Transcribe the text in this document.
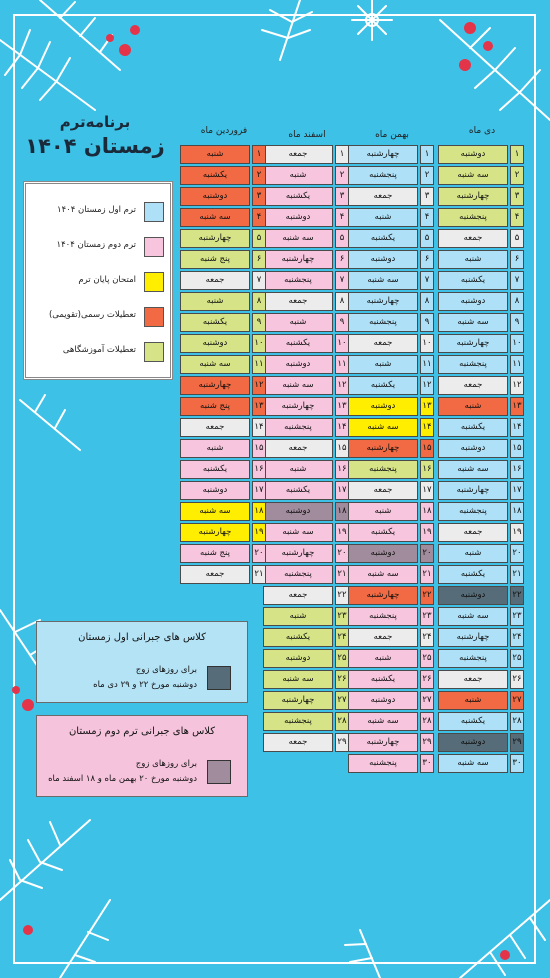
برنامه‌ترم
زمستان ۱۴۰۴
ترم اول زمستان ۱۴۰۴
ترم دوم زمستان ۱۴۰۴
امتحان پایان ترم
تعطیلات رسمی(تقویمی)
تعطیلات آموزشگاهی
دی ماه
۱
دوشنبه
۲
سه شنبه
۳
چهارشنبه
۴
پنجشنبه
۵
جمعه
۶
شنبه
۷
یکشنبه
۸
دوشنبه
۹
سه شنبه
۱۰
چهارشنبه
۱۱
پنجشنبه
۱۲
جمعه
۱۳
شنبه
۱۴
یکشنبه
۱۵
دوشنبه
۱۶
سه شنبه
۱۷
چهارشنبه
۱۸
پنجشنبه
۱۹
جمعه
۲۰
شنبه
۲۱
یکشنبه
۲۲
دوشنبه
۲۳
سه شنبه
۲۴
چهارشنبه
۲۵
پنجشنبه
۲۶
جمعه
۲۷
شنبه
۲۸
یکشنبه
۲۹
دوشنبه
۳۰
سه شنبه
بهمن ماه
۱
چهارشنبه
۲
پنجشنبه
۳
جمعه
۴
شنبه
۵
یکشنبه
۶
دوشنبه
۷
سه شنبه
۸
چهارشنبه
۹
پنجشنبه
۱۰
جمعه
۱۱
شنبه
۱۲
یکشنبه
۱۳
دوشنبه
۱۴
سه شنبه
۱۵
چهارشنبه
۱۶
پنجشنبه
۱۷
جمعه
۱۸
شنبه
۱۹
یکشنبه
۲۰
دوشنبه
۲۱
سه شنبه
۲۲
چهارشنبه
۲۳
پنجشنبه
۲۴
جمعه
۲۵
شنبه
۲۶
یکشنبه
۲۷
دوشنبه
۲۸
سه شنبه
۲۹
چهارشنبه
۳۰
پنجشنبه
اسفند ماه
۱
جمعه
۲
شنبه
۳
یکشنبه
۴
دوشنبه
۵
سه شنبه
۶
چهارشنبه
۷
پنجشنبه
۸
جمعه
۹
شنبه
۱۰
یکشنبه
۱۱
دوشنبه
۱۲
سه شنبه
۱۳
چهارشنبه
۱۴
پنجشنبه
۱۵
جمعه
۱۶
شنبه
۱۷
یکشنبه
۱۸
دوشنبه
۱۹
سه شنبه
۲۰
چهارشنبه
۲۱
پنجشنبه
۲۲
جمعه
۲۳
شنبه
۲۴
یکشنبه
۲۵
دوشنبه
۲۶
سه شنبه
۲۷
چهارشنبه
۲۸
پنجشنبه
۲۹
جمعه
فروردین ماه
۱
شنبه
۲
یکشنبه
۳
دوشنبه
۴
سه شنبه
۵
چهارشنبه
۶
پنج شنبه
۷
جمعه
۸
شنبه
۹
یکشنبه
۱۰
دوشنبه
۱۱
سه شنبه
۱۲
چهارشنبه
۱۳
پنج شنبه
۱۴
جمعه
۱۵
شنبه
۱۶
یکشنبه
۱۷
دوشنبه
۱۸
سه شنبه
۱۹
چهارشنبه
۲۰
پنج شنبه
۲۱
جمعه
کلاس های جبرانی اول زمستان
برای روزهای زوج
دوشنبه مورخ ۲۲ و ۲۹ دی ماه
کلاس های جبرانی ترم دوم زمستان
برای روزهای زوج
دوشنبه مورخ ۲۰ بهمن ماه و ۱۸ اسفند ماه
